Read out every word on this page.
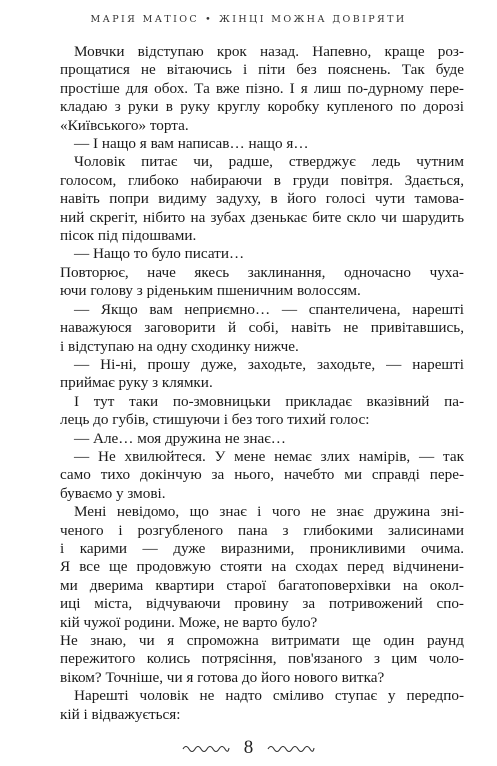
МАРІЯ МАТІОС • ЖІНЦІ МОЖНА ДОВІРЯТИ

Мовчки відступаю крок назад. Напевно, краще роз-
прощатися не вітаючись і піти без пояснень. Так буде
простіше для обох. Та вже пізно. І я лиш по-дурному пере-
кладаю з руки в руку круглу коробку купленого по дорозі
«Київського» торта.

— І нащо я вам написав… нащо я…

Чоловік питає чи, радше, стверджує ледь чутним
голосом, глибоко набираючи в груди повітря. Здається,
навіть попри видиму задуху, в його голосі чути тамова-
ний скрегіт, нібито на зубах дзенькає бите скло чи шарудить
пісок під підошвами.

— Нащо то було писати…

Повторює, наче якесь заклинання, одночасно чуха-
ючи голову з ріденьким пшеничним волоссям.

— Якщо вам неприємно… — спантеличена, нарешті
наважуюся заговорити й собі, навіть не привітавшись,
і відступаю на одну сходинку нижче.

— Ні-ні, прошу дуже, заходьте, заходьте, — нарешті
приймає руку з клямки.

І тут таки по-змовницьки прикладає вказівний па-
лець до губів, стишуючи і без того тихий голос:

— Але… моя дружина не знає…

— Не хвилюйтеся. У мене немає злих намірів, — так
само тихо докінчую за нього, начебто ми справді пере-
буваємо у змові.

Мені невідомо, що знає і чого не знає дружина зні-
ченого і розгубленого пана з глибокими залисинами
і карими — дуже виразними, проникливими очима.
Я все ще продовжую стояти на сходах перед відчинени-
ми дверима квартири старої багатоповерхівки на окол-
иці міста, відчуваючи провину за потривожений спо-
кій чужої родини. Може, не варто було?

Не знаю, чи я спроможна витримати ще один раунд
пережитого колись потрясіння, пов'язаного з цим чоло-
віком? Точніше, чи я готова до його нового витка?

Нарешті чоловік не надто сміливо ступає у передпо-
кій і відважується:

8
